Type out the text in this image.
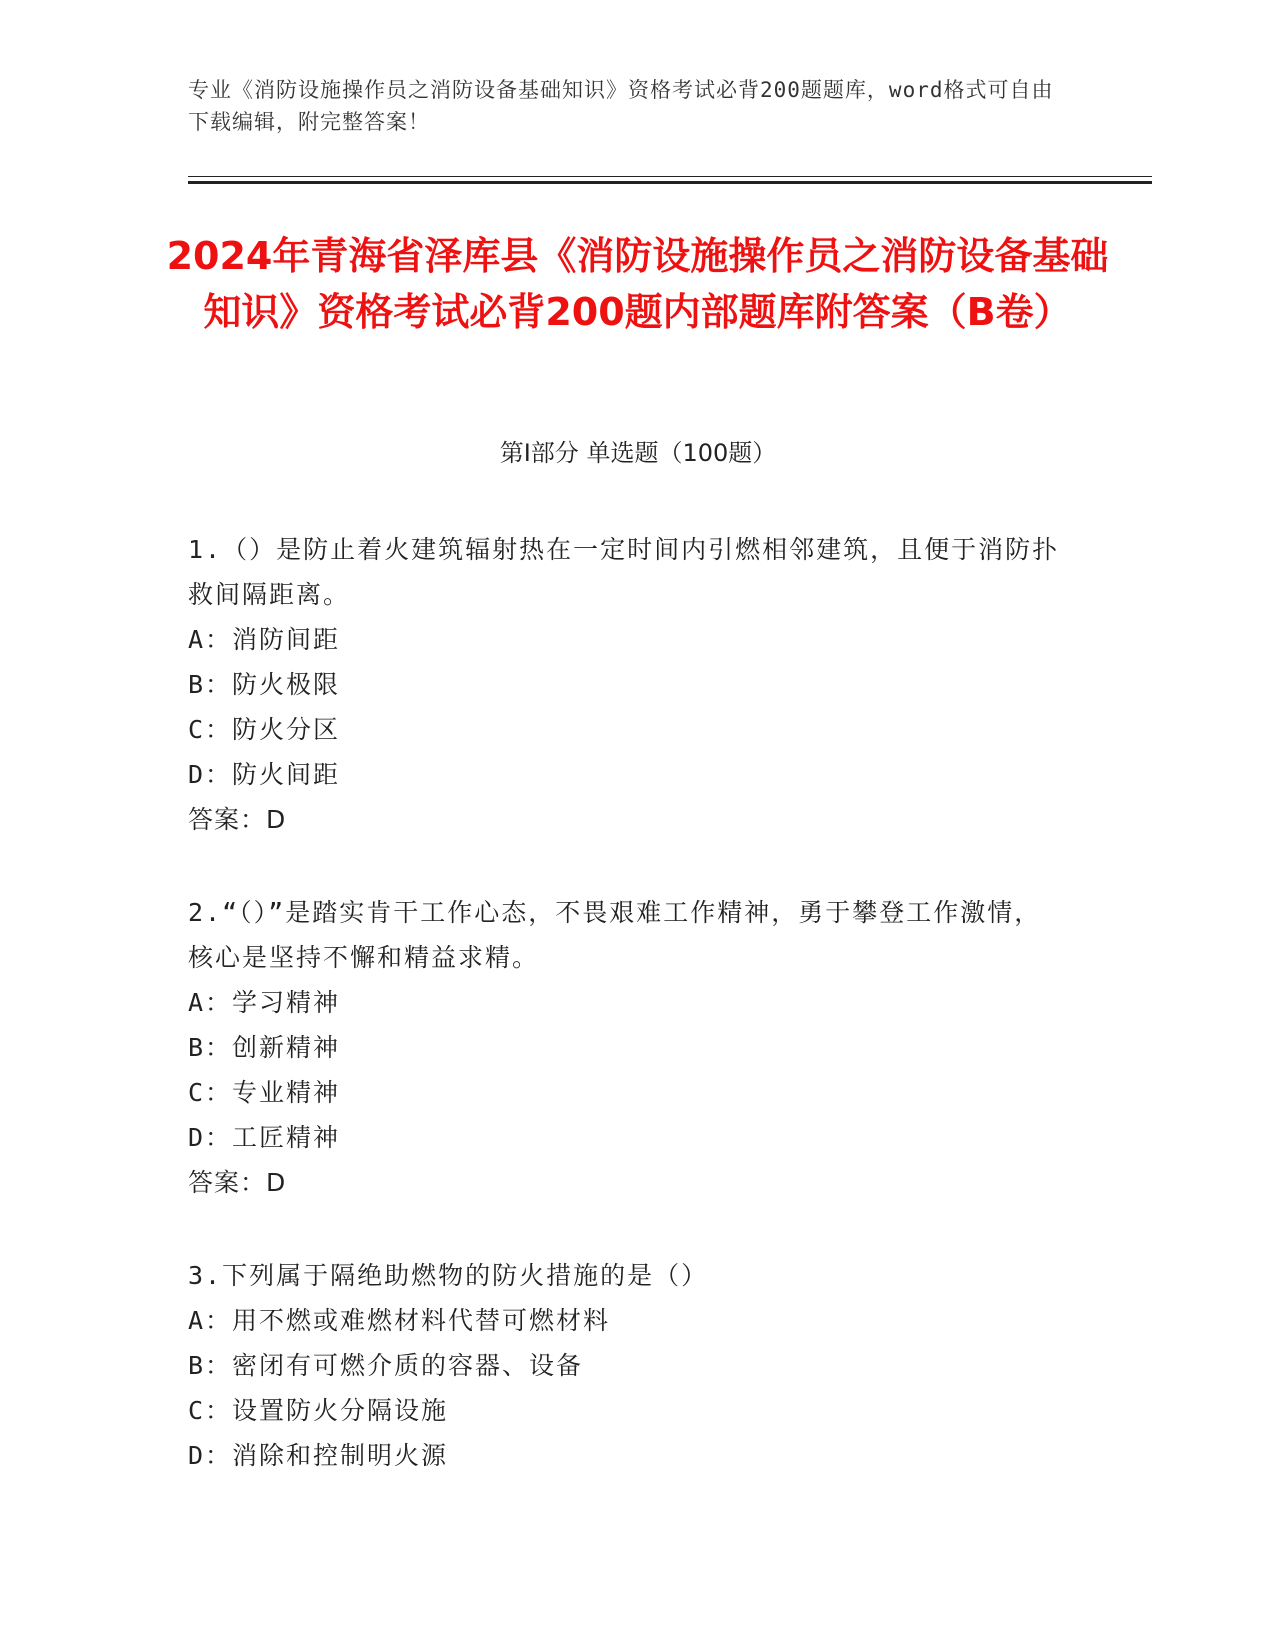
专业《消防设施操作员之消防设备基础知识》资格考试必背200题题库，word格式可自由下载编辑，附完整答案！
2024年青海省泽库县《消防设施操作员之消防设备基础知识》资格考试必背200题内部题库附答案（B卷）
第I部分 单选题（100题）
1.（）是防止着火建筑辐射热在一定时间内引燃相邻建筑，且便于消防扑救间隔距离。
A：消防间距
B：防火极限
C：防火分区
D：防火间距
答案：D
2.“（）”是踏实肯干工作心态，不畏艰难工作精神，勇于攀登工作激情，核心是坚持不懈和精益求精。
A：学习精神
B：创新精神
C：专业精神
D：工匠精神
答案：D
3.下列属于隔绝助燃物的防火措施的是（）
A：用不燃或难燃材料代替可燃材料
B：密闭有可燃介质的容器、设备
C：设置防火分隔设施
D：消除和控制明火源
